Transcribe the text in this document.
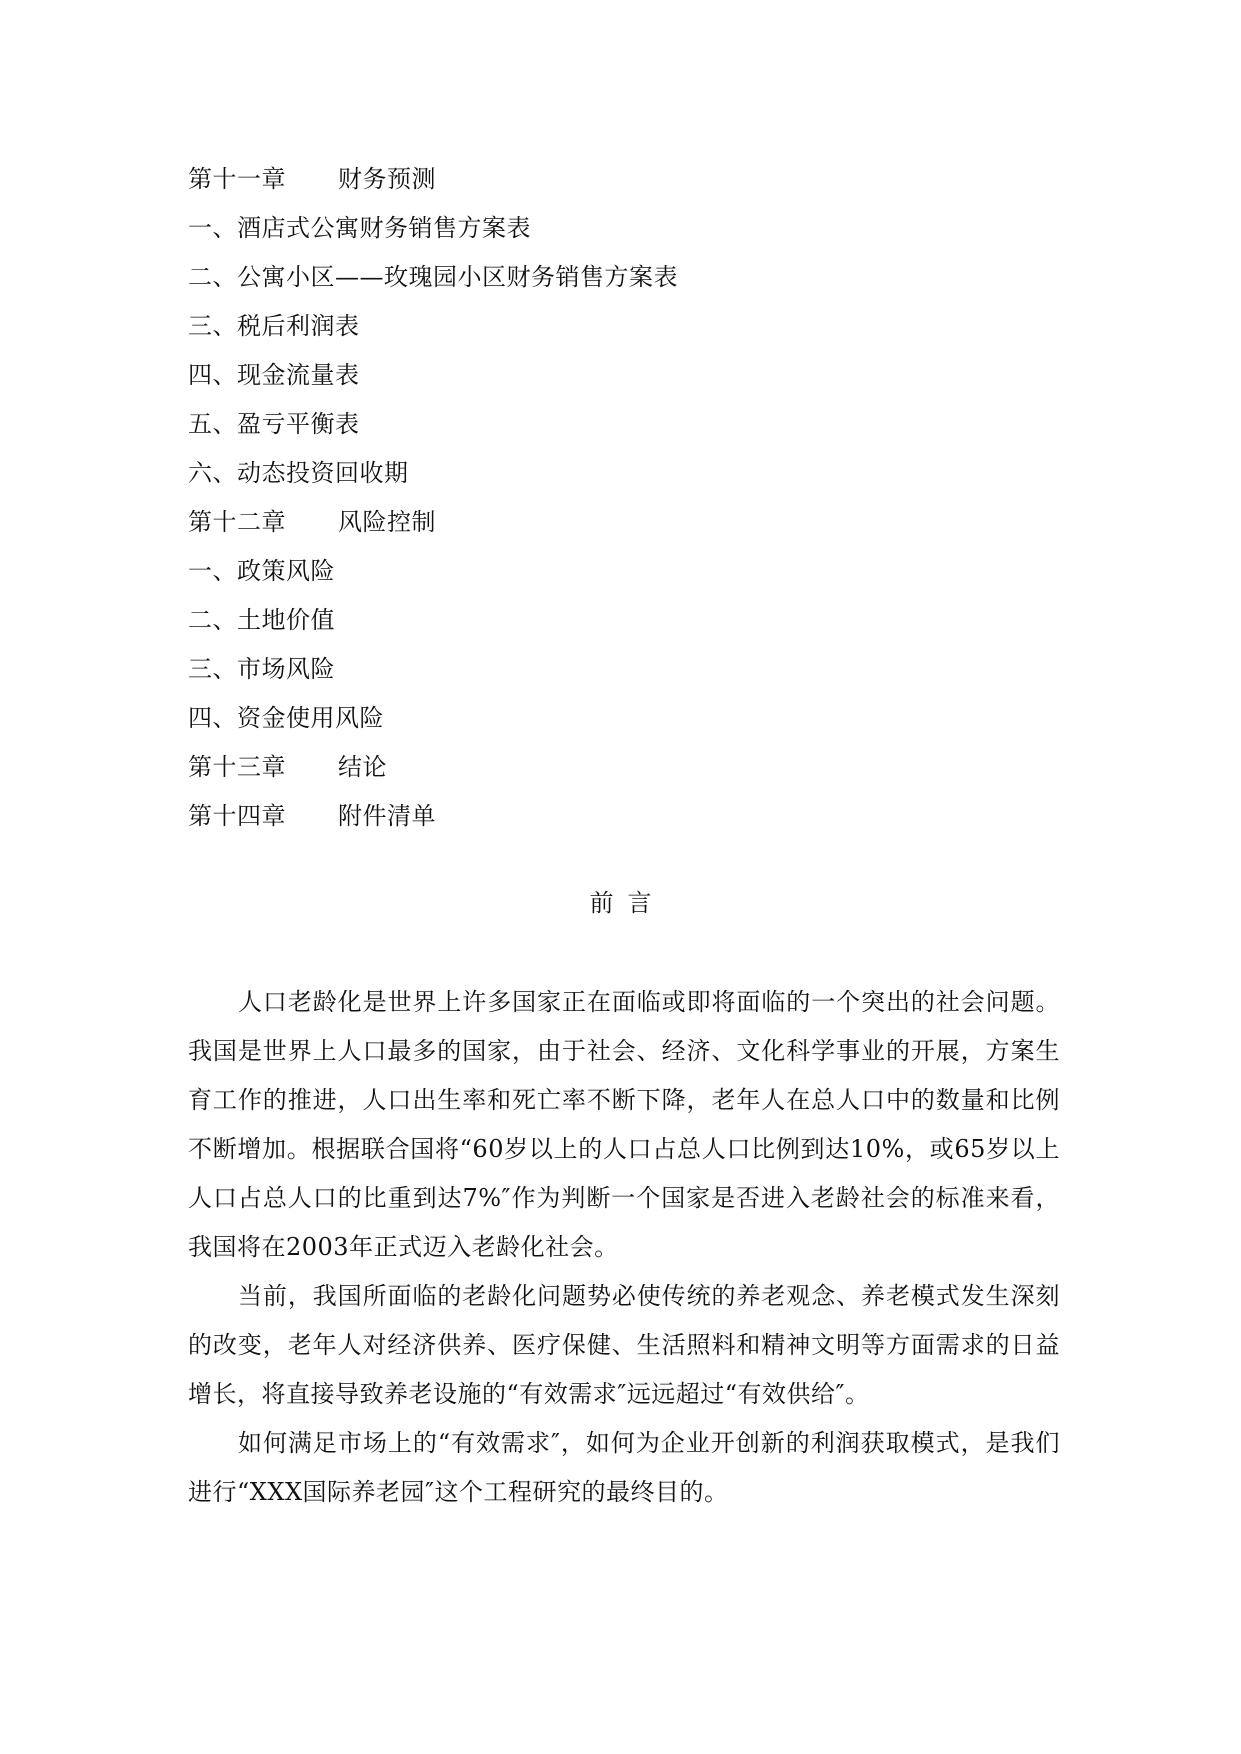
第十一章 财务预测
一、酒店式公寓财务销售方案表
二、公寓小区——玫瑰园小区财务销售方案表
三、税后利润表
四、现金流量表
五、盈亏平衡表
六、动态投资回收期
第十二章 风险控制
一、政策风险
二、土地价值
三、市场风险
四、资金使用风险
第十三章 结论
第十四章 附件清单
前言

人口老龄化是世界上许多国家正在面临或即将面临的一个突出的社会问题。我国是世界上人口最多的国家，由于社会、经济、文化科学事业的开展，方案生育工作的推进，人口出生率和死亡率不断下降，老年人在总人口中的数量和比例不断增加。根据联合国将“60岁以上的人口占总人口比例到达10%，或65岁以上人口占总人口的比重到达7%″作为判断一个国家是否进入老龄社会的标准来看，我国将在2003年正式迈入老龄化社会。

当前，我国所面临的老龄化问题势必使传统的养老观念、养老模式发生深刻的改变，老年人对经济供养、医疗保健、生活照料和精神文明等方面需求的日益增长，将直接导致养老设施的“有效需求″远远超过“有效供给″。

如何满足市场上的“有效需求″，如何为企业开创新的利润获取模式，是我们进行“XXX国际养老园″这个工程研究的最终目的。
